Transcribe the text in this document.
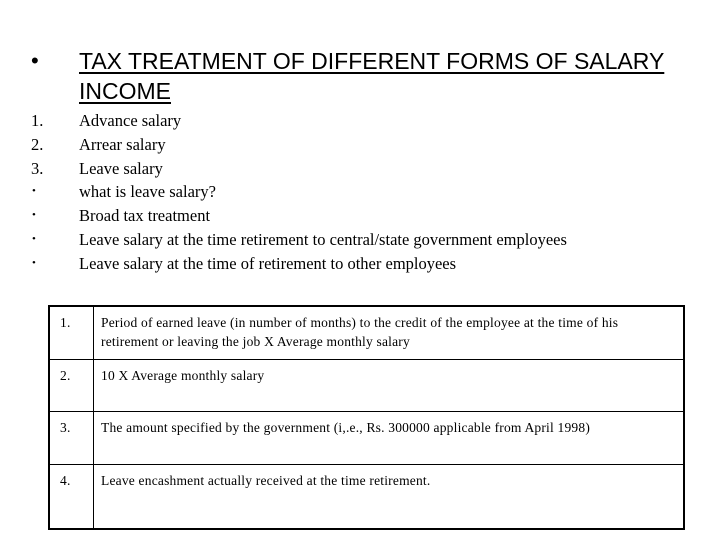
• TAX TREATMENT OF DIFFERENT FORMS OF SALARY INCOME
1.	Advance salary
2.	Arrear salary
3.	Leave salary
•	what is leave salary?
•	Broad tax treatment
•	Leave salary at the time retirement to central/state government employees
•	Leave salary at the time of retirement to other employees
1.	Period of earned leave (in number of months) to the credit of the employee at the time of his retirement or leaving the job X Average monthly salary
2.	10 X Average monthly salary
3.	The amount specified by the government (i,.e., Rs. 300000 applicable from April 1998)
4.	Leave encashment actually received at the time retirement.
